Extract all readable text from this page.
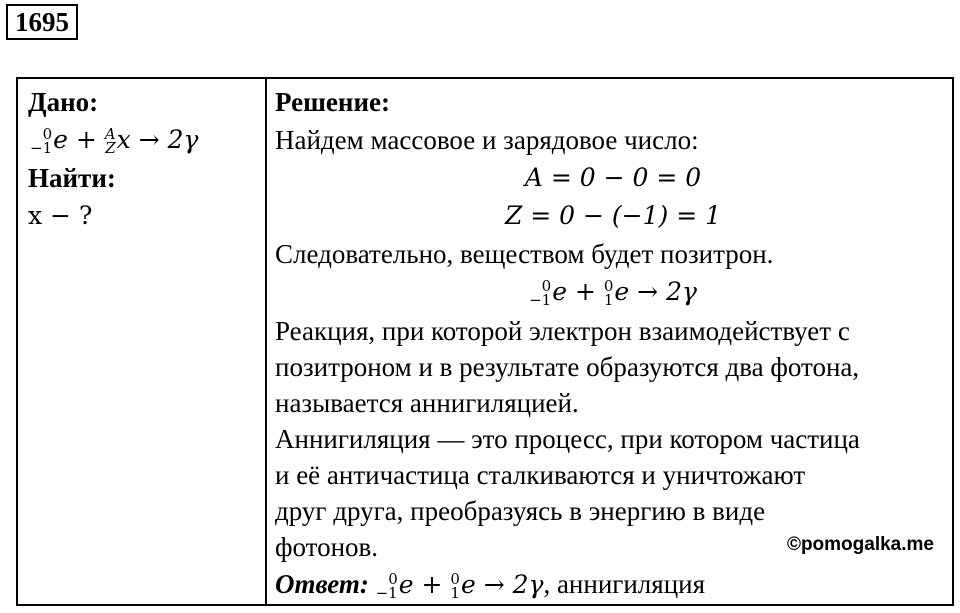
1695
Дано:
0
−1 e + A
Z x → 2γ
Найти:
x − ?
Решение:
Найдем массовое и зарядовое число:
A = 0 − 0 = 0
Z = 0 − (−1) = 1
Следовательно, веществом будет позитрон.
0
−1 e + 0
1 e → 2γ
Реакция, при которой электрон взаимодействует с
позитроном и в результате образуются два фотона,
называется аннигиляцией.
Аннигиляция — это процесс, при котором частица
и её античастица сталкиваются и уничтожают
друг друга, преобразуясь в энергию в виде
фотонов.
Ответ:	0
−1 e + 0
1 e → 2γ, аннигиляция
©pomogalka.me
